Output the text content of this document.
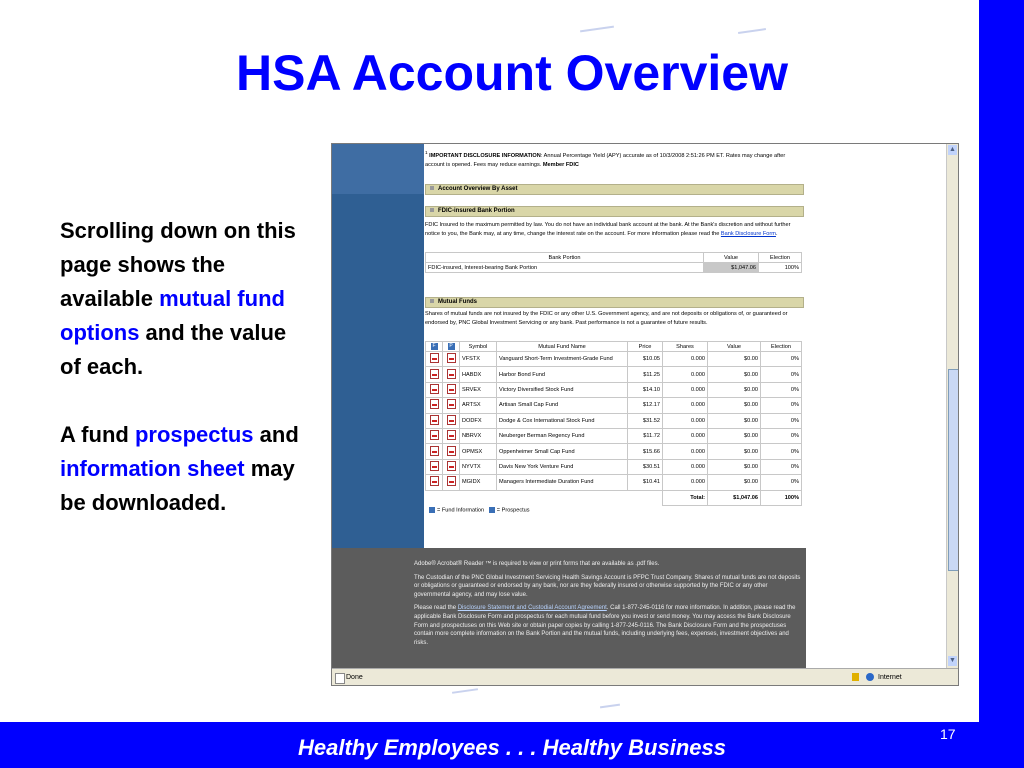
HSA Account Overview

Scrolling down on this page shows the available mutual fund options and the value of each.

A fund prospectus and information sheet may be downloaded.

$^1$ IMPORTANT DISCLOSURE INFORMATION: Annual Percentage Yield (APY) accurate as of 10/3/2008 2:51:26 PM ET. Rates may change after account is opened. Fees may reduce earnings. Member FDIC
Account Overview By Asset
FDIC-insured Bank Portion
FDIC Insured to the maximum permitted by law. You do not have an individual bank account at the bank. At the Bank's discretion and without further notice to you, the Bank may, at any time, change the interest rate on the account. For more information please read the Bank Disclosure Form.
Bank Portion	Value	Election
FDIC-insured, Interest-bearing Bank Portion	$1,047.06	100%
Mutual Funds
Shares of mutual funds are not insured by the FDIC or any other U.S. Government agency, and are not deposits or obligations of, or guaranteed or endorsed by, PNC Global Investment Servicing or any bank. Past performance is not a guarantee of future results.
F	P	Symbol	Mutual Fund Name	Price	Shares	Value	Election
		VFSTX	Vanguard Short-Term Investment-Grade Fund	$10.05	0.000	$0.00	0%
		HABDX	Harbor Bond Fund	$11.25	0.000	$0.00	0%
		SRVEX	Victory Diversified Stock Fund	$14.10	0.000	$0.00	0%
		ARTSX	Artisan Small Cap Fund	$12.17	0.000	$0.00	0%
		DODFX	Dodge & Cox International Stock Fund	$31.52	0.000	$0.00	0%
		NBRVX	Neuberger Berman Regency Fund	$11.72	0.000	$0.00	0%
		OPMSX	Oppenheimer Small Cap Fund	$15.66	0.000	$0.00	0%
		NYVTX	Davis New York Venture Fund	$30.51	0.000	$0.00	0%
		MGIDX	Managers Intermediate Duration Fund	$10.41	0.000	$0.00	0%
					Total:	$1,047.06	100%
= Fund Information = Prospectus

Adobe® Acrobat® Reader ™ is required to view or print forms that are available as .pdf files.

The Custodian of the PNC Global Investment Servicing Health Savings Account is PFPC Trust Company. Shares of mutual funds are not deposits or obligations or guaranteed or endorsed by any bank, nor are they federally insured or otherwise supported by the FDIC or any other governmental agency, and may lose value.

Please read the Disclosure Statement and Custodial Account Agreement. Call 1-877-245-0116 for more information. In addition, please read the applicable Bank Disclosure Form and prospectus for each mutual fund before you invest or send money. You may access the Bank Disclosure Form and prospectuses on this Web site or obtain paper copies by calling 1-877-245-0116. The Bank Disclosure Form and the prospectuses contain more complete information on the Bank Portion and the mutual funds, including underlying fees, expenses, investment objectives and risks.

▲
▼
Done	Internet
Healthy Employees . . . Healthy Business
17
